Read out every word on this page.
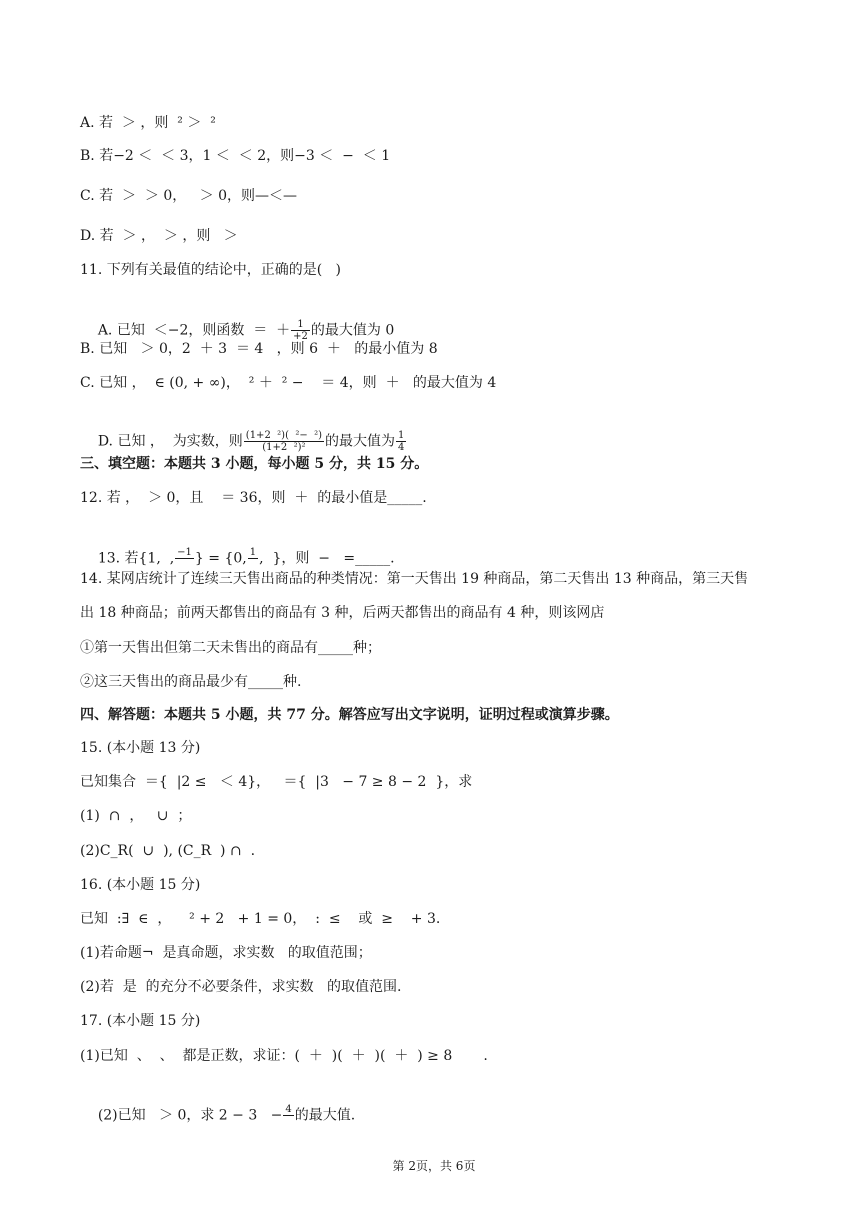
A. 若  ＞ ，则  ² ＞  ²
B. 若−2 ＜  ＜ 3，1 ＜  ＜ 2，则−3 ＜  −  ＜ 1
C. 若  ＞  ＞ 0，   ＞ 0，则—＜—
D. 若  ＞ ，  ＞ ，则   ＞
11. 下列有关最值的结论中，正确的是(   )

A. 已知  ＜−2，则函数  ＝  ＋ $\frac{1}{+2}$ 的最大值为 0

B. 已知   ＞ 0，2  ＋ 3  ＝ 4   ，则 6  ＋   的最小值为 8
C. 已知 ，  ∈ (0, + ∞)，  ² ＋  ² −    ＝ 4，则  ＋   的最大值为 4

D. 已知 ，  为实数，则 $\frac{\text{(1+2  ²)(  ²−  ²)}}{\text{(1+2  ²)²}}$ 的最大值为 $\frac{1}{4}$

三、填空题：本题共 3 小题，每小题 5 分，共 15 分。
12. 若 ，  ＞ 0，且    ＝ 36，则  ＋  的最小值是_____.

13. 若{1,  , −1
} = {0, 1
,  }，则  −   =_____.

14. 某网店统计了连续三天售出商品的种类情况：第一天售出 19 种商品，第二天售出 13 种商品，第三天售
出 18 种商品；前两天都售出的商品有 3 种，后两天都售出的商品有 4 种，则该网店
①第一天售出但第二天未售出的商品有_____种；
②这三天售出的商品最少有_____种.
四、解答题：本题共 5 小题，共 77 分。解答应写出文字说明，证明过程或演算步骤。
15. (本小题 13 分)
已知集合  ＝{  |2 ≤   ＜ 4}，   ＝{  |3   − 7 ≥ 8 − 2  }，求
(1)  ∩  ，   ∪  ；
(2)C_R(  ∪  ), (C_R  ) ∩  .
16. (本小题 15 分)
已知  :∃  ∈  ，    ² + 2   + 1 = 0，  :  ≤    或  ≥    + 3.
(1)若命题¬  是真命题，求实数   的取值范围；
(2)若  是  的充分不必要条件，求实数   的取值范围.
17. (本小题 15 分)
(1)已知  、  、  都是正数，求证：(  ＋  )(  ＋  )(  ＋  ) ≥ 8       .

(2)已知   ＞ 0，求 2 − 3   − 4
的最大值.

第 2页，共 6页
